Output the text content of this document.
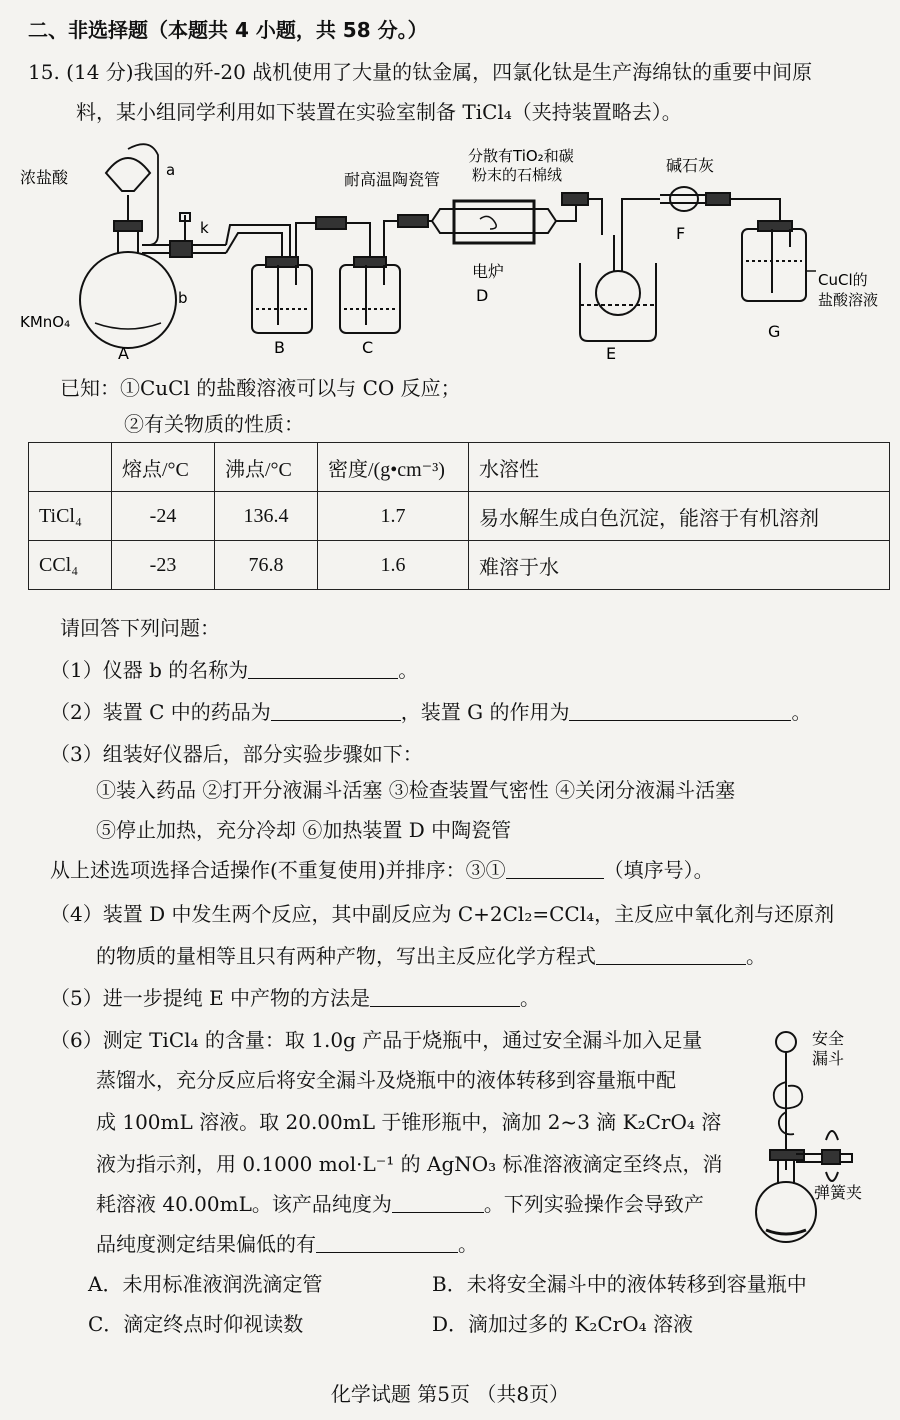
二、非选择题（本题共 4 小题，共 58 分。）
15. (14 分)我国的歼-20 战机使用了大量的钛金属，四氯化钛是生产海绵钛的重要中间原
料，某小组同学利用如下装置在实验室制备 TiCl₄（夹持装置略去）。
浓盐酸	a
k
b
KMnO₄
A	B	C
耐高温陶瓷管
分散有TiO₂和碳
粉末的石棉绒
电炉
D
E
碱石灰
F
CuCl的
盐酸溶液
G
已知：①CuCl 的盐酸溶液可以与 CO 反应；
②有关物质的性质：
	熔点/°C	沸点/°C	密度/(g•cm⁻³)	水溶性
TiCl₄	-24	136.4	1.7	易水解生成白色沉淀，能溶于有机溶剂
CCl₄	-23	76.8	1.6	难溶于水
请回答下列问题：
（1）仪器 b 的名称为	。
（2）装置 C 中的药品为	，装置 G 的作用为	。
（3）组装好仪器后，部分实验步骤如下：
①装入药品 ②打开分液漏斗活塞 ③检查装置气密性 ④关闭分液漏斗活塞
⑤停止加热，充分冷却 ⑥加热装置 D 中陶瓷管
从上述选项选择合适操作(不重复使用)并排序：③①	（填序号）。
（4）装置 D 中发生两个反应，其中副反应为 C+2Cl₂=CCl₄，主反应中氧化剂与还原剂
的物质的量相等且只有两种产物，写出主反应化学方程式	。
（5）进一步提纯 E 中产物的方法是	。
（6）测定 TiCl₄ 的含量：取 1.0g 产品于烧瓶中，通过安全漏斗加入足量
蒸馏水，充分反应后将安全漏斗及烧瓶中的液体转移到容量瓶中配
成 100mL 溶液。取 20.00mL 于锥形瓶中，滴加 2~3 滴 K₂CrO₄ 溶
液为指示剂，用 0.1000 mol·L⁻¹ 的 AgNO₃ 标准溶液滴定至终点，消
耗溶液 40.00mL。该产品纯度为	。下列实验操作会导致产
品纯度测定结果偏低的有	。
安全
漏斗
弹簧夹
A．未用标准液润洗滴定管	B．未将安全漏斗中的液体转移到容量瓶中
C．滴定终点时仰视读数	D．滴加过多的 K₂CrO₄ 溶液
化学试题 第5页 （共8页）
